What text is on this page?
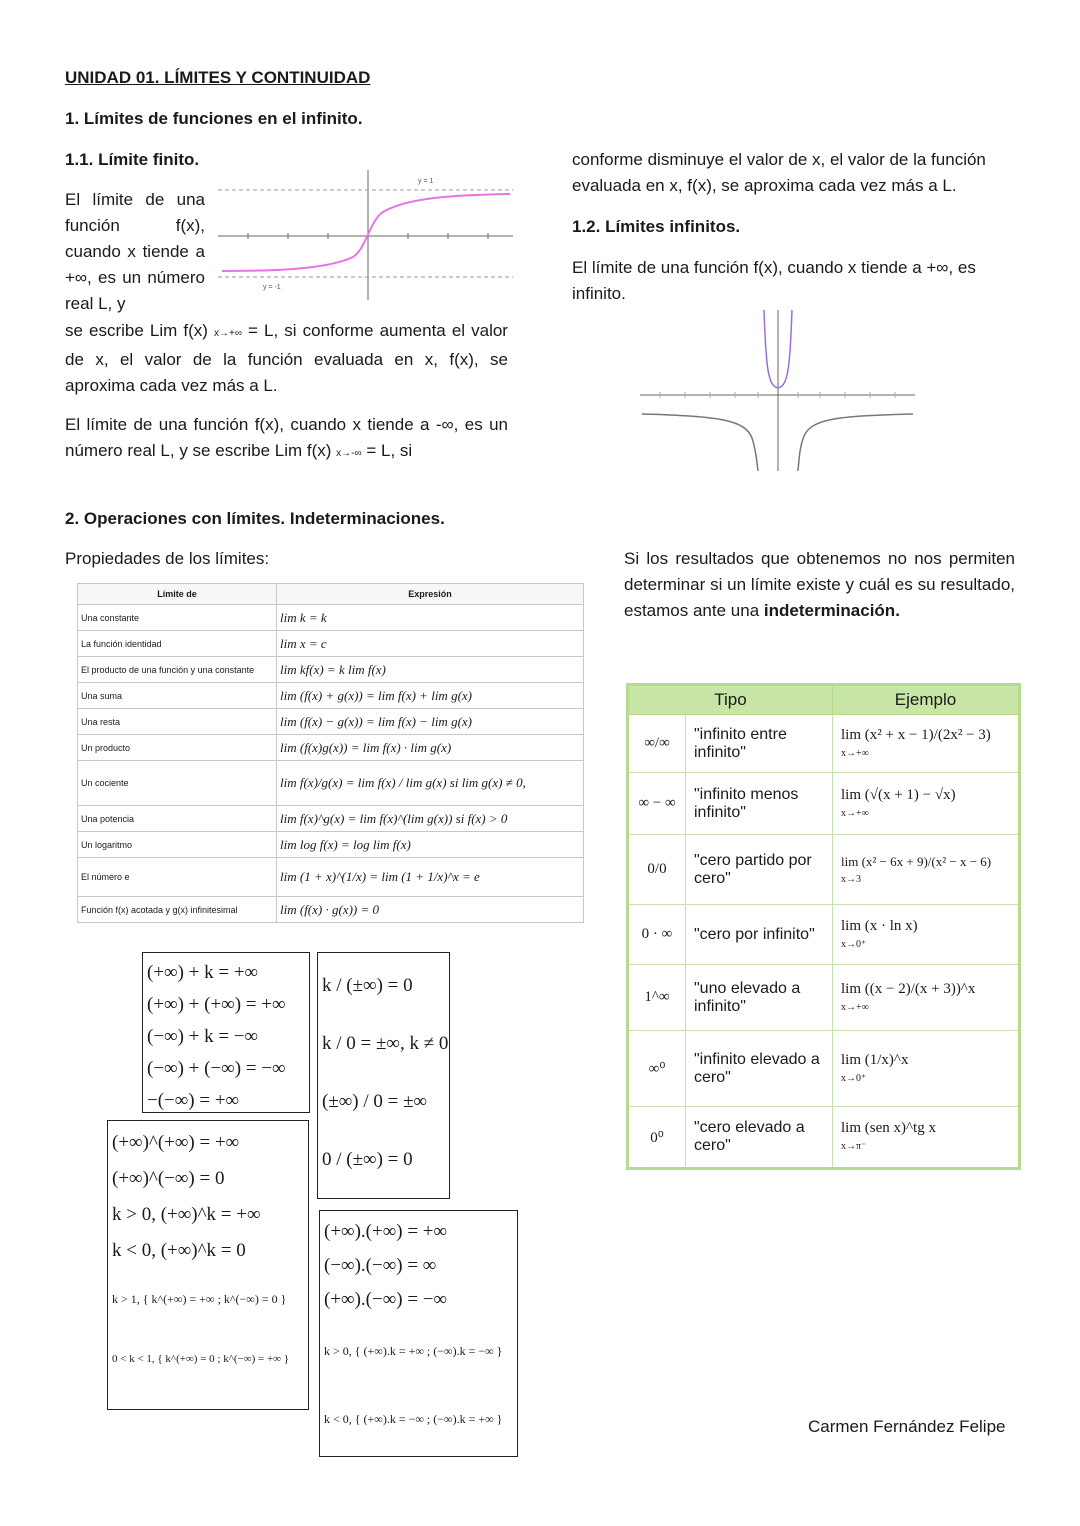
UNIDAD 01. LÍMITES Y CONTINUIDAD
1. Límites de funciones en el infinito.
1.1. Límite finito.
El límite de una función f(x), cuando x tiende a +∞, es un número real L, y
se escribe Lim f(x) x→+∞ = L, si conforme aumenta el valor de x, el valor de la función evaluada en x, f(x), se aproxima cada vez más a L.
y = 1
y = -1
El límite de una función f(x), cuando x tiende a -∞, es un número real L, y se escribe Lim f(x) x→-∞ = L, si
conforme disminuye el valor de x, el valor de la función evaluada en x, f(x), se aproxima cada vez más a L.
1.2. Límites infinitos.
El límite de una función f(x), cuando x tiende a +∞, es infinito.
2. Operaciones con límites. Indeterminaciones.
Propiedades de los límites:
Límite de	Expresión
Una constante	lim k = k
La función identidad	lim x = c
El producto de una función y una constante	lim kf(x) = k lim f(x)
Una suma	lim (f(x) + g(x)) = lim f(x) + lim g(x)
Una resta	lim (f(x) − g(x)) = lim f(x) − lim g(x)
Un producto	lim (f(x)g(x)) = lim f(x) · lim g(x)
Un cociente	lim f(x)/g(x) = lim f(x) / lim g(x) si lim g(x) ≠ 0,
Una potencia	lim f(x)^g(x) = lim f(x)^(lim g(x)) si f(x) > 0
Un logaritmo	lim log f(x) = log lim f(x)
El número e	lim (1 + x)^(1/x) = lim (1 + 1/x)^x = e
Función f(x) acotada y g(x) infinitesimal	lim (f(x) · g(x)) = 0
Si los resultados que obtenemos no nos permiten determinar si un límite existe y cuál es su resultado, estamos ante una indeterminación.
Tipo		Ejemplo
∞/∞	"infinito entre infinito"	lim (x² + x − 1)/(2x² − 3)
x→+∞
∞ − ∞	"infinito menos infinito"	lim (√(x + 1) − √x)
x→+∞
0/0	"cero partido por cero"	lim (x² − 6x + 9)/(x² − x − 6)
x→3
0 · ∞	"cero por infinito"	lim (x · ln x)
x→0⁺
1^∞	"uno elevado a infinito"	lim ((x − 2)/(x + 3))^x
x→+∞
∞⁰	"infinito elevado a cero"	lim (1/x)^x
x→0⁺
0⁰	"cero elevado a cero"	lim (sen x)^tg x
x→π⁻
(+∞) + k = +∞
(+∞) + (+∞) = +∞
(−∞) + k = −∞
(−∞) + (−∞) = −∞
−(−∞) = +∞
k / (±∞) = 0
k / 0 = ±∞, k ≠ 0
(±∞) / 0 = ±∞
0 / (±∞) = 0
(+∞)^(+∞) = +∞
(+∞)^(−∞) = 0
k > 0, (+∞)^k = +∞
k < 0, (+∞)^k = 0
k > 1, { k^(+∞) = +∞ ; k^(−∞) = 0 }
0 < k < 1, { k^(+∞) = 0 ; k^(−∞) = +∞ }
(+∞).(+∞) = +∞
(−∞).(−∞) = ∞
(+∞).(−∞) = −∞
k > 0, { (+∞).k = +∞ ; (−∞).k = −∞ }
k < 0, { (+∞).k = −∞ ; (−∞).k = +∞ }	Carmen Fernández Felipe
